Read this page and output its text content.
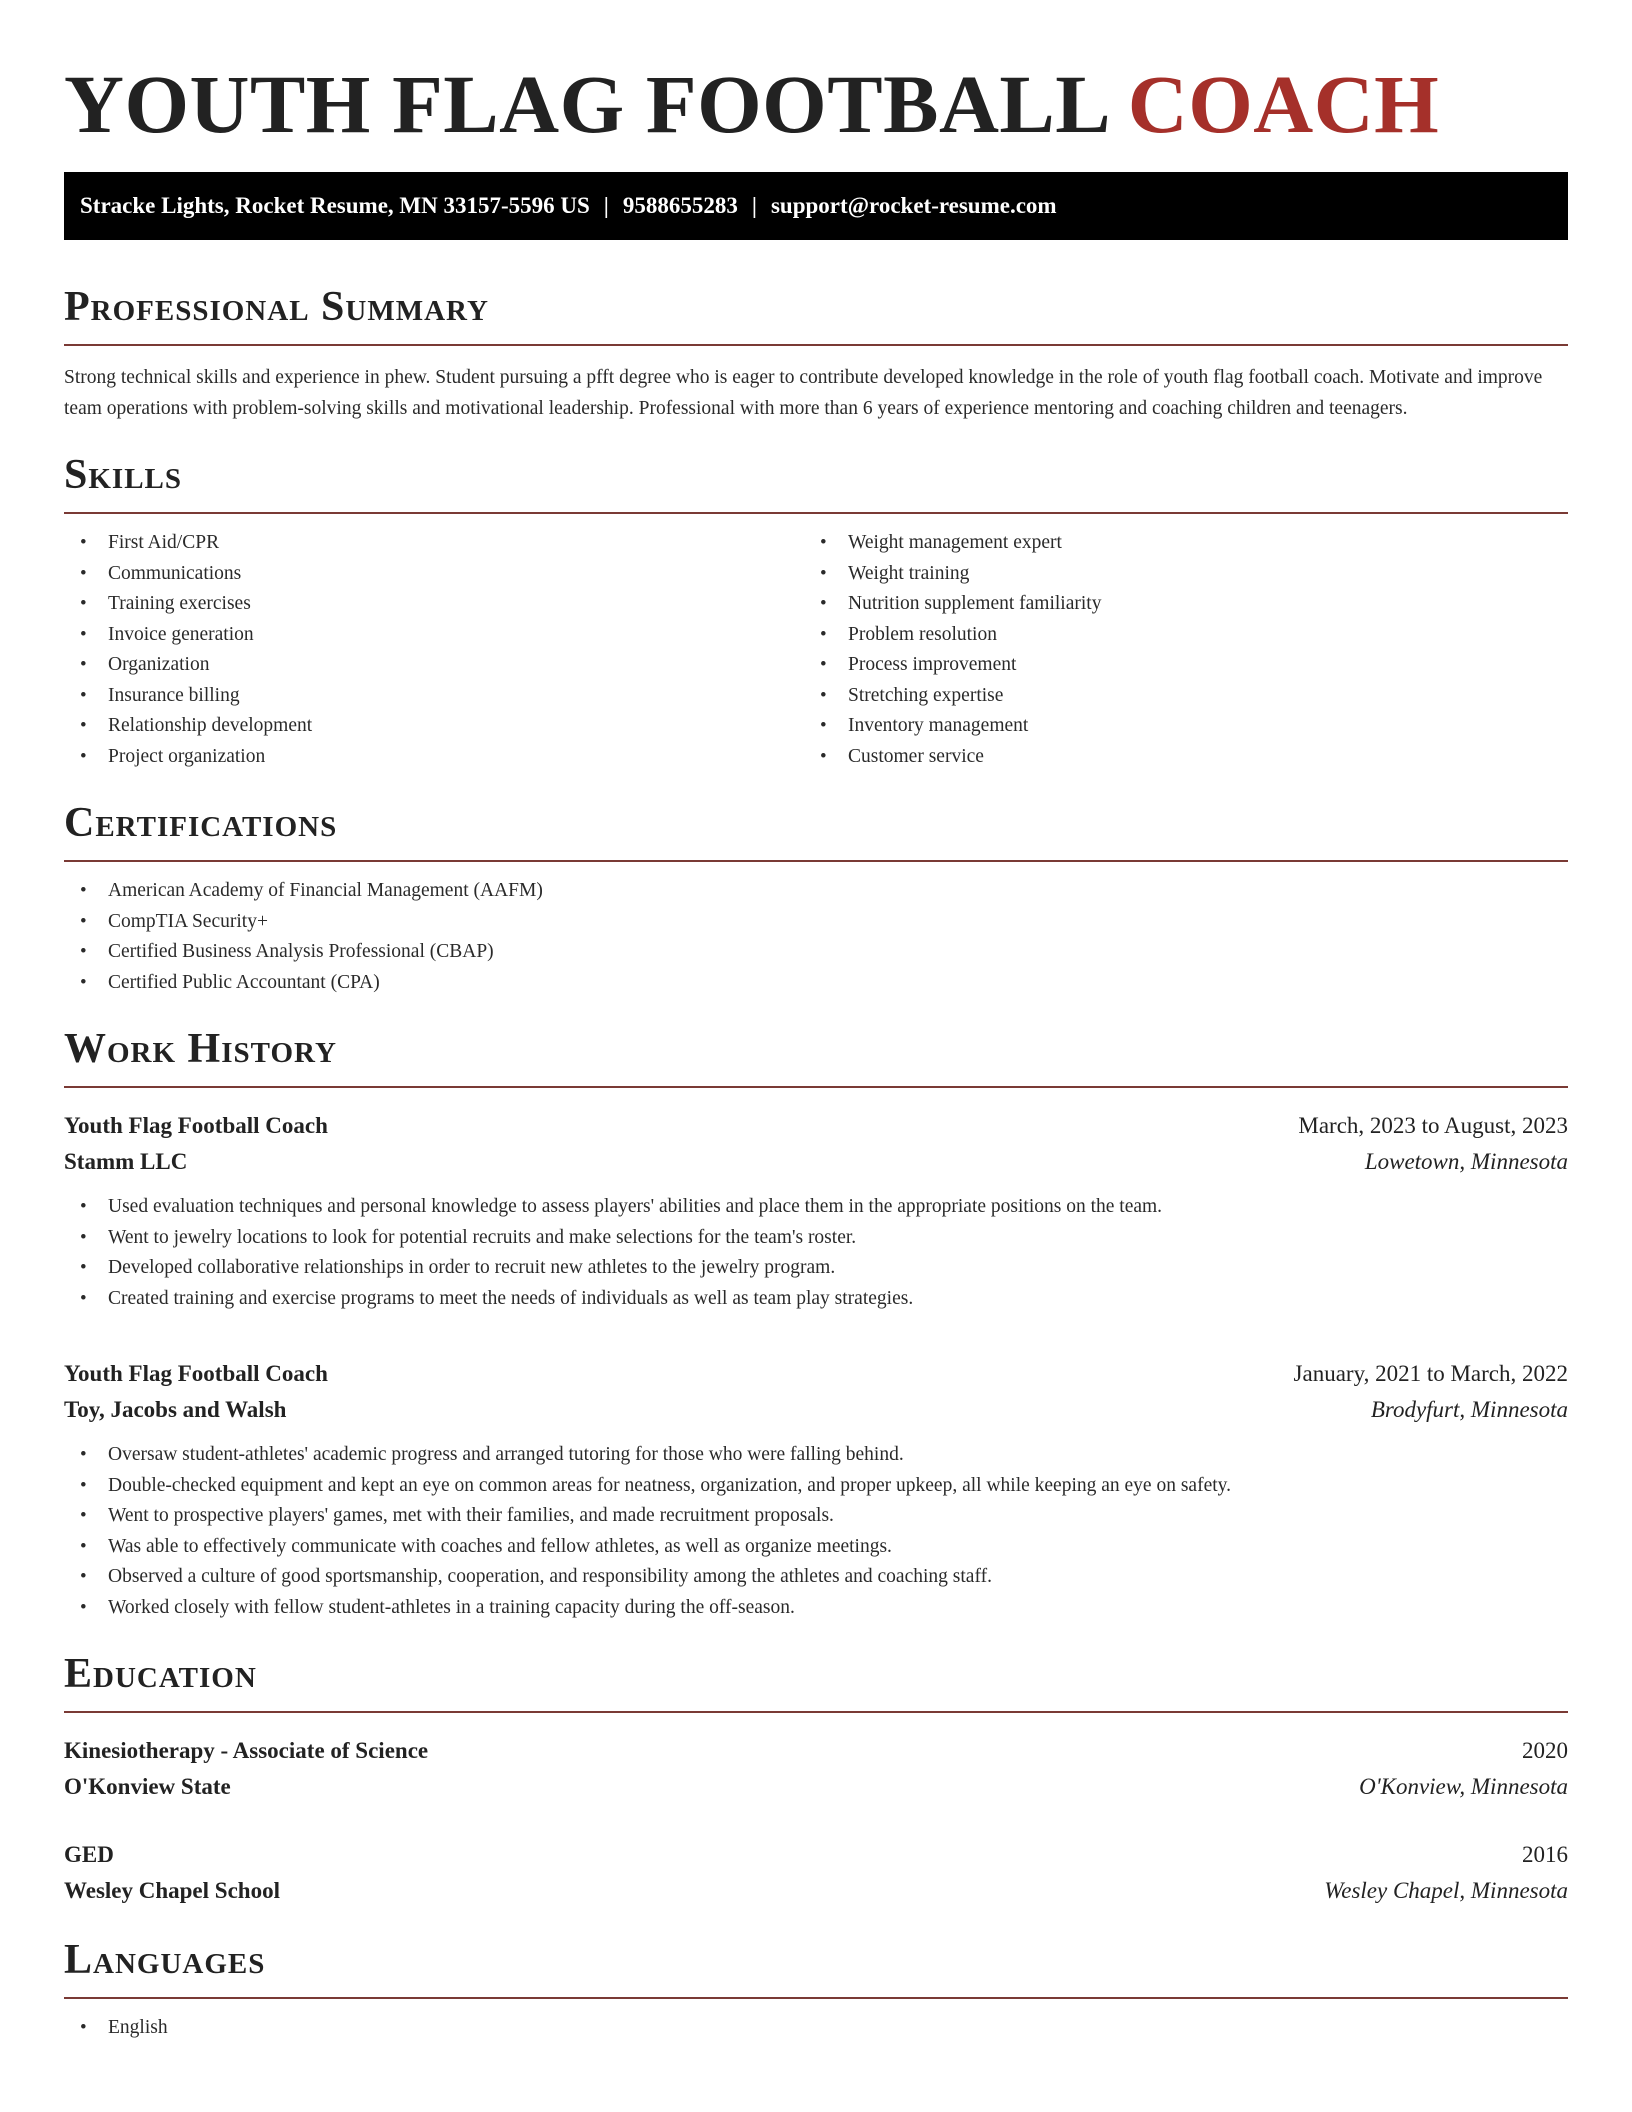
YOUTH FLAG FOOTBALL COACH
Stracke Lights, Rocket Resume, MN 33157-5596 US | 9588655283 | support@rocket-resume.com
Professional Summary

Strong technical skills and experience in phew. Student pursuing a pfft degree who is eager to contribute developed knowledge in the role of youth flag football coach. Motivate and improve team operations with problem-solving skills and motivational leadership. Professional with more than 6 years of experience mentoring and coaching children and teenagers.

Skills
• First Aid/CPR
• Communications
• Training exercises
• Invoice generation
• Organization
• Insurance billing
• Relationship development
• Project organization
• Weight management expert
• Weight training
• Nutrition supplement familiarity
• Problem resolution
• Process improvement
• Stretching expertise
• Inventory management
• Customer service
Certifications
• American Academy of Financial Management (AAFM)
• CompTIA Security+
• Certified Business Analysis Professional (CBAP)
• Certified Public Accountant (CPA)
Work History
Youth Flag Football Coach	March, 2023 to August, 2023
Stamm LLC	Lowetown, Minnesota
• Used evaluation techniques and personal knowledge to assess players' abilities and place them in the appropriate positions on the team.
• Went to jewelry locations to look for potential recruits and make selections for the team's roster.
• Developed collaborative relationships in order to recruit new athletes to the jewelry program.
• Created training and exercise programs to meet the needs of individuals as well as team play strategies.
Youth Flag Football Coach	January, 2021 to March, 2022
Toy, Jacobs and Walsh	Brodyfurt, Minnesota
• Oversaw student-athletes' academic progress and arranged tutoring for those who were falling behind.
• Double-checked equipment and kept an eye on common areas for neatness, organization, and proper upkeep, all while keeping an eye on safety.
• Went to prospective players' games, met with their families, and made recruitment proposals.
• Was able to effectively communicate with coaches and fellow athletes, as well as organize meetings.
• Observed a culture of good sportsmanship, cooperation, and responsibility among the athletes and coaching staff.
• Worked closely with fellow student-athletes in a training capacity during the off-season.
Education
Kinesiotherapy - Associate of Science	2020
O'Konview State	O'Konview, Minnesota
GED	2016
Wesley Chapel School	Wesley Chapel, Minnesota
Languages
• English
